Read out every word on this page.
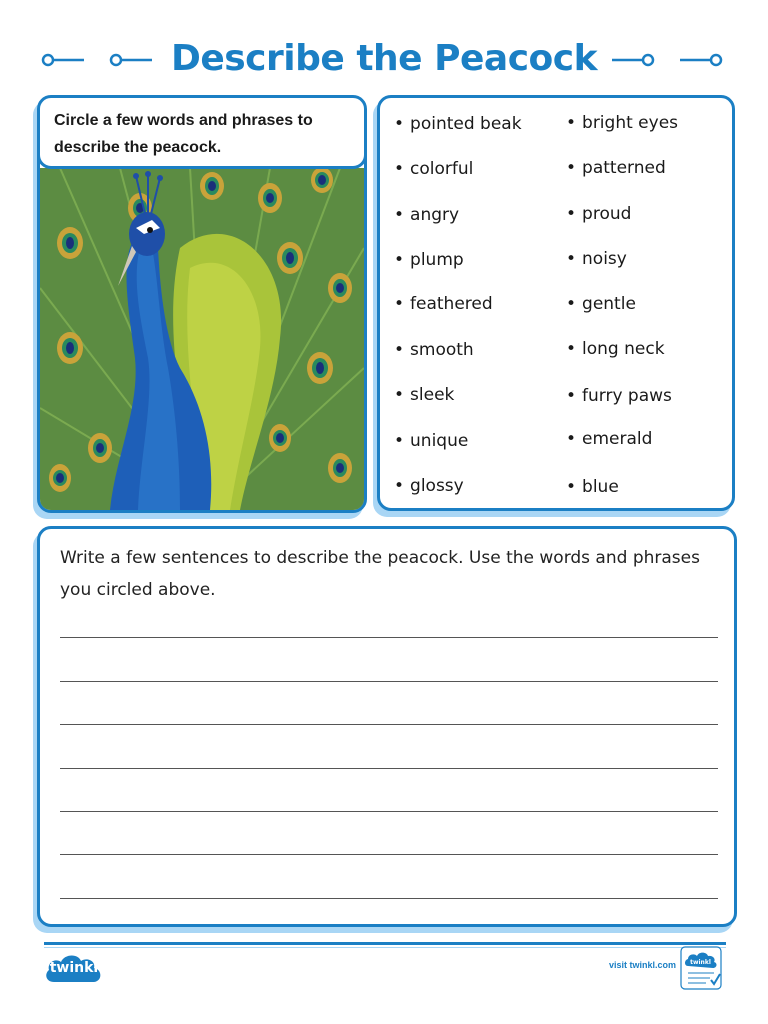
Describe the Peacock
Circle a few words and phrases to
describe the peacock.
• pointed beak
• colorful
• angry
• plump
• feathered
• smooth
• sleek
• unique
• glossy
• bright eyes
• patterned
• proud
• noisy
• gentle
• long neck
• furry paws
• emerald
• blue
Write a few sentences to describe the peacock. Use the words and phrases you circled above.
twinkl	visit twinkl.com twinkl
